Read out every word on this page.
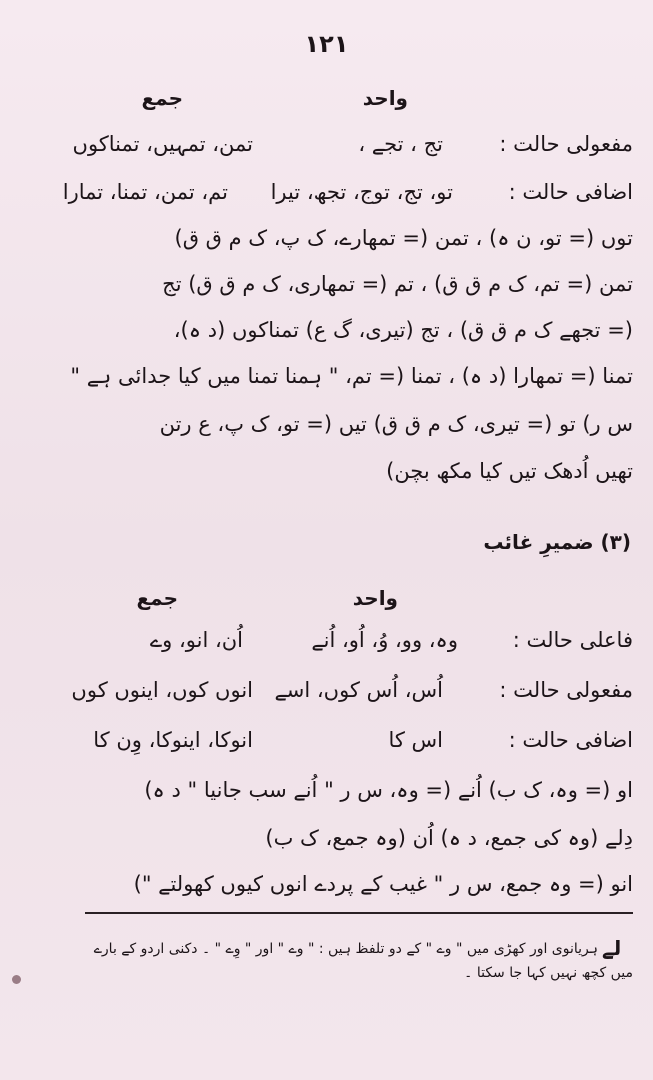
۱۲۱
واحد
جمع
مفعولی حالت :
تج ، تجے ،
تمن، تمہیں، تمناکوں
اضافی حالت :
تو، تج، توج، تجھ، تیرا
تم، تمن، تمنا، تمارا
توں (= تو، ن ہ) ، تمن (= تمھارے، ک پ، ک م ق ق)
تمن (= تم، ک م ق ق) ، تم (= تمھاری، ک م ق ق) تج
(= تجھے ک م ق ق) ، تج (تیری، گ ع) تمناکوں (د ہ)،
تمنا (= تمھارا (د ہ) ، تمنا (= تم، " ہمنا تمنا میں کیا جدائی ہے "
س ر) تو (= تیری، ک م ق ق) تیں (= تو، ک پ، ع رتن
تھیں اُدھک تیں کیا مکھ بچن)
(۳) ضمیرِ غائب
واحد
جمع
فاعلی حالت :
وہ، وو، وُ، اُو، اُنے
اُن، انو، وے
مفعولی حالت :
اُس، اُس کوں، اسے
انوں کوں، اینوں کوں
اضافی حالت :
اس کا
انوکا، اینوکا، وِن کا
او (= وہ، ک ب) اُنے (= وہ، س ر " اُنے سب جانیا " د ہ)
دِلے (وہ کی جمع، د ہ) اُن (وہ جمع، ک ب)
انو (= وہ جمع، س ر " غیب کے پردے انوں کیوں کھولتے ")
لے
ہریانوی اور کھڑی میں " وے " کے دو تلفظ ہیں : " وے " اور " وِے " ۔ دکنی اردو کے بارے
میں کچھ نہیں کہا جا سکتا ۔
